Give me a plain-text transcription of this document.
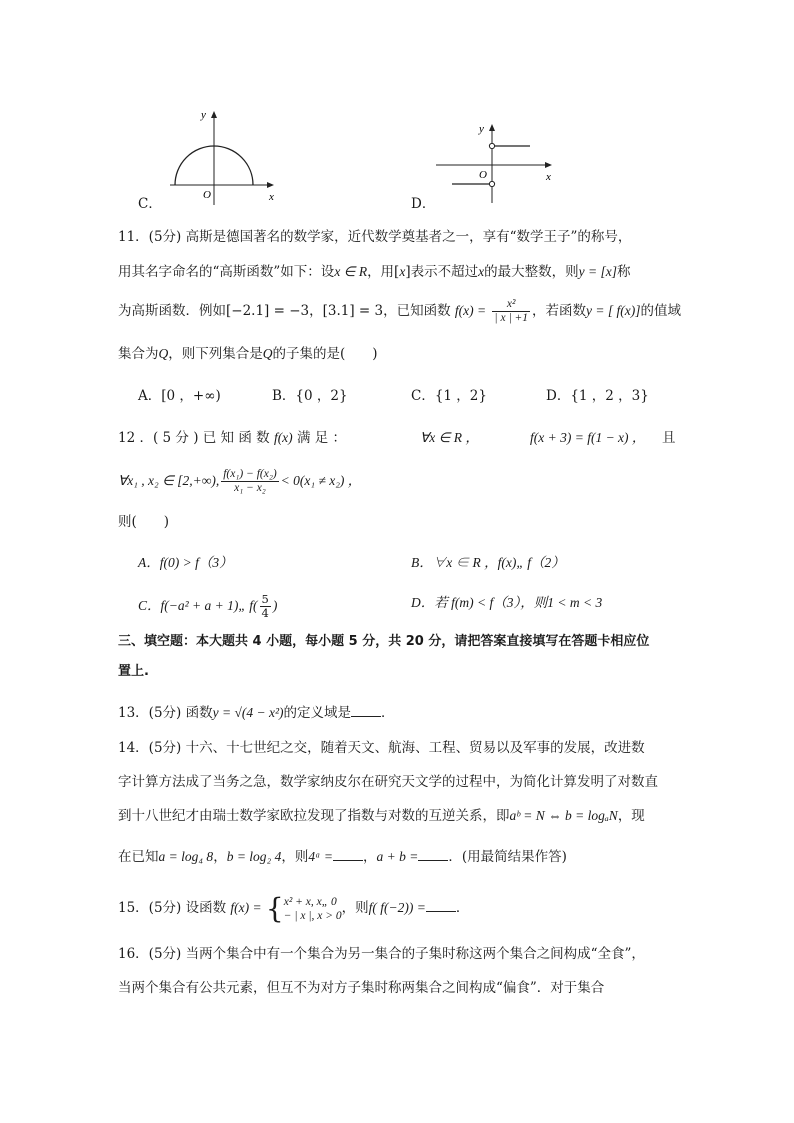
y
x
O
C．
y
x
O
D．
11．(5分) 高斯是德国著名的数学家，近代数学奠基者之一，享有“数学王子”的称号，
用其名字命名的“高斯函数”如下：设x ∈ R，用[x]表示不超过x的最大整数，则y = [x]称
为高斯函数．例如[−2.1] = −3，[3.1] = 3，已知函数 $f(x) = \frac{\text{x²}}{| x | +1}$ ，若函数y = [ f(x)]的值域
集合为Q，则下列集合是Q的子集的是(　　)
A．[0 ，+∞)	B．{0 ，2}	C．{1 ，2}	D．{1 ，2 ，3}
12 ．( 5 分 ) 已 知 函 数 f(x) 满 足 ：	∀x ∈ R ，	f(x + 3) = f(1 − x) ， 且
∀x₁ , x₂ ∈ [2,+∞), $\frac{\text{f(x₁) − f(x₂)}}{\text{x₁ − x₂}} < 0(x_1 \ne x_2)$ ，
则(　　)
A．f(0) > f（3）	B．∀x ∈ R ，f(x)„ f（2）
C．f(−a² + a + 1)„ $f( \frac{5}{4}$ )	D．若 f(m) < f（3），则1 < m < 3
三、填空题：本大题共 4 小题，每小题 5 分，共 20 分，请把答案直接填写在答题卡相应位
置上.
13．(5分) 函数y = √(4 − x²)的定义域是 ．
14．(5分) 十六、十七世纪之交，随着天文、航海、工程、贸易以及军事的发展，改进数
字计算方法成了当务之急，数学家纳皮尔在研究天文学的过程中，为简化计算发明了对数直
到十八世纪才由瑞士数学家欧拉发现了指数与对数的互逆关系，即aᵇ = N ⇔ b = logₐN，现
在已知a = log₄ 8，b = log₂ 4，则4ᵃ = ，a + b = ．(用最简结果作答)
15．(5分) 设函数 f(x) = { x² + x, x„ 0
− | x |, x > 0 ，则f( f(−2)) = ．
16．(5分) 当两个集合中有一个集合为另一集合的子集时称这两个集合之间构成“全食”，
当两个集合有公共元素，但互不为对方子集时称两集合之间构成“偏食”．对于集合
